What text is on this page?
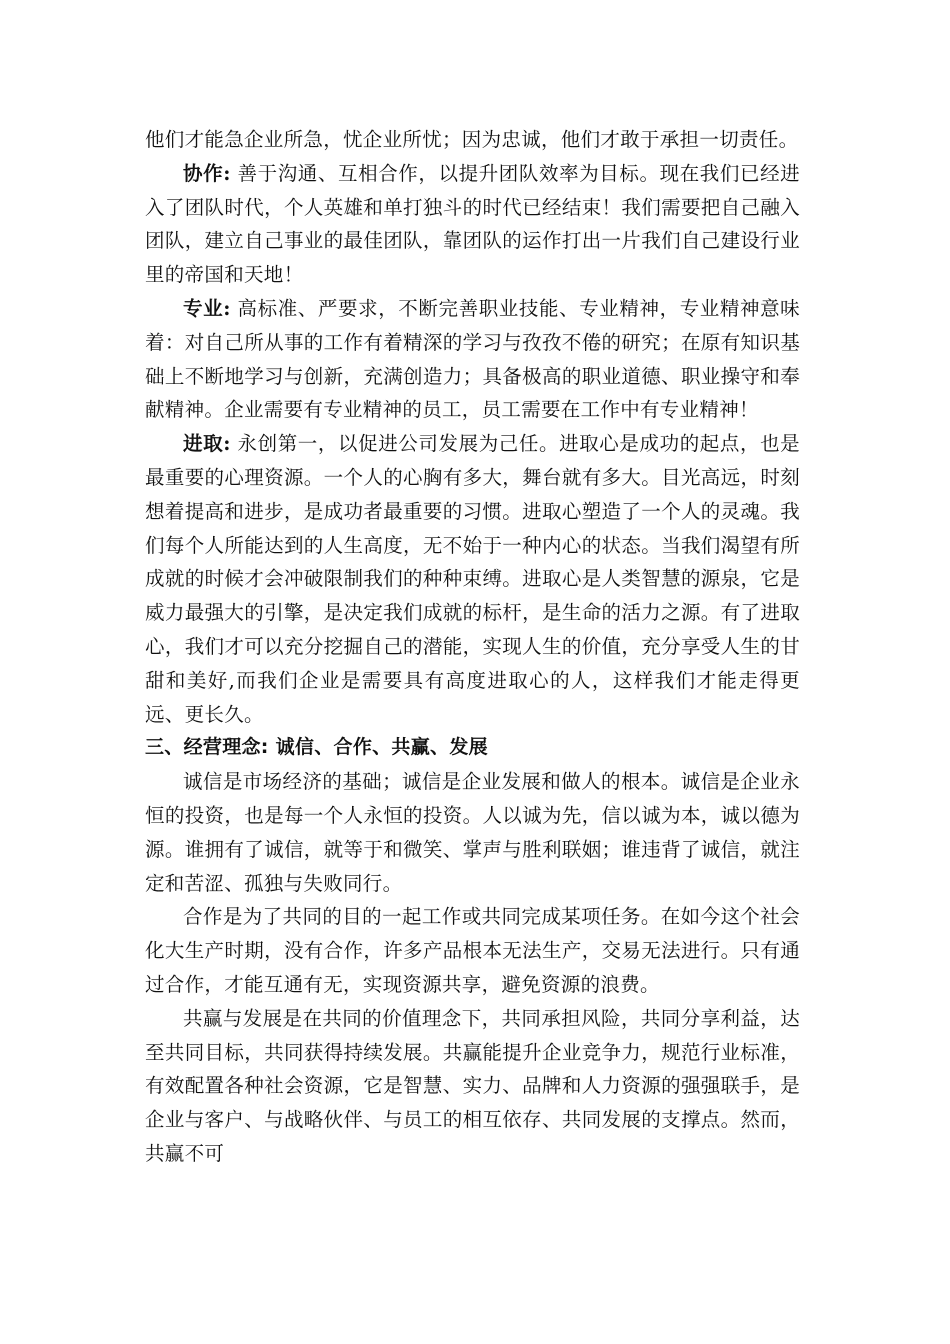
他们才能急企业所急，忧企业所忧；因为忠诚，他们才敢于承担一切责任。

协作: 善于沟通、互相合作，以提升团队效率为目标。现在我们已经进入了团队时代，个人英雄和单打独斗的时代已经结束！我们需要把自己融入团队，建立自己事业的最佳团队，靠团队的运作打出一片我们自己建设行业里的帝国和天地！

专业: 高标准、严要求，不断完善职业技能、专业精神，专业精神意味着：对自己所从事的工作有着精深的学习与孜孜不倦的研究；在原有知识基础上不断地学习与创新，充满创造力；具备极高的职业道德、职业操守和奉献精神。企业需要有专业精神的员工，员工需要在工作中有专业精神！

进取: 永创第一，以促进公司发展为己任。进取心是成功的起点，也是最重要的心理资源。一个人的心胸有多大，舞台就有多大。目光高远，时刻想着提高和进步，是成功者最重要的习惯。进取心塑造了一个人的灵魂。我们每个人所能达到的人生高度，无不始于一种内心的状态。当我们渴望有所成就的时候才会冲破限制我们的种种束缚。进取心是人类智慧的源泉，它是威力最强大的引擎，是决定我们成就的标杆，是生命的活力之源。有了进取心，我们才可以充分挖掘自己的潜能，实现人生的价值，充分享受人生的甘甜和美好,而我们企业是需要具有高度进取心的人，这样我们才能走得更远、更长久。

三、经营理念: 诚信、合作、共赢、发展

诚信是市场经济的基础；诚信是企业发展和做人的根本。诚信是企业永恒的投资，也是每一个人永恒的投资。人以诚为先，信以诚为本，诚以德为源。谁拥有了诚信，就等于和微笑、掌声与胜利联姻；谁违背了诚信，就注定和苦涩、孤独与失败同行。

合作是为了共同的目的一起工作或共同完成某项任务。在如今这个社会化大生产时期，没有合作，许多产品根本无法生产，交易无法进行。只有通过合作，才能互通有无，实现资源共享，避免资源的浪费。

共赢与发展是在共同的价值理念下，共同承担风险，共同分享利益，达至共同目标，共同获得持续发展。共赢能提升企业竞争力，规范行业标准，有效配置各种社会资源，它是智慧、实力、品牌和人力资源的强强联手，是企业与客户、与战略伙伴、与员工的相互依存、共同发展的支撑点。然而，共赢不可
